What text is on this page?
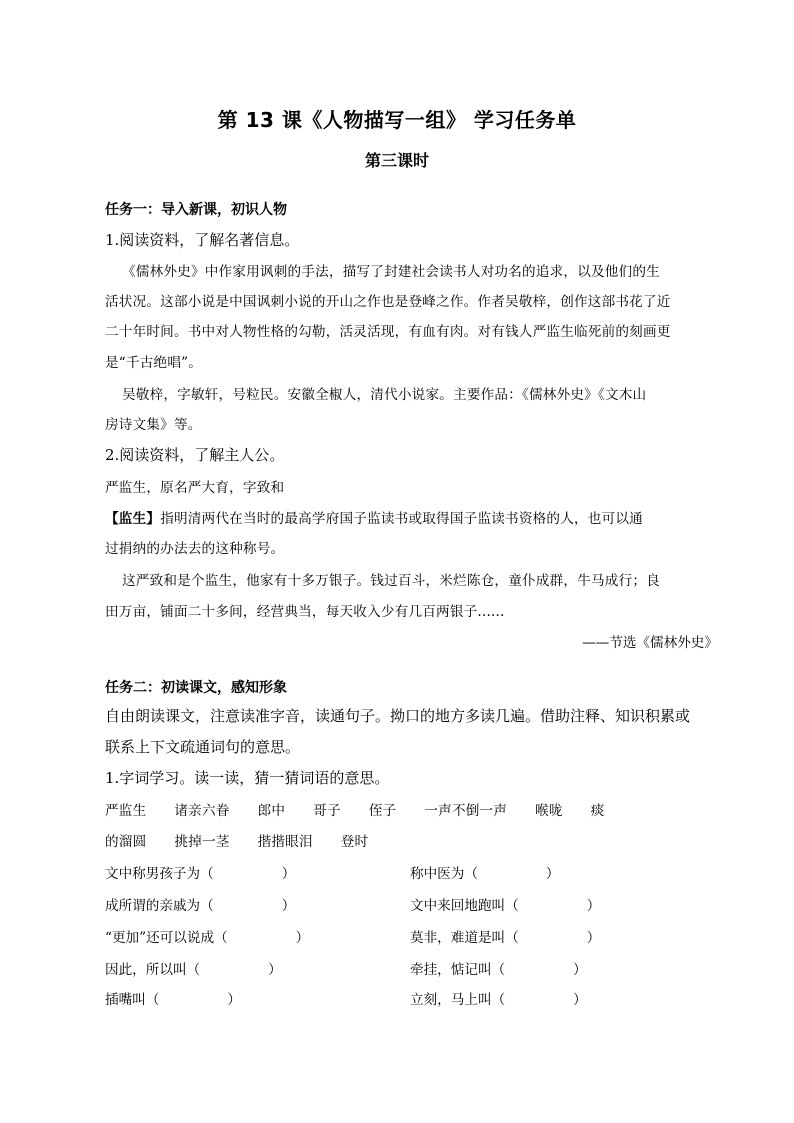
第 13 课《人物描写一组》 学习任务单
第三课时
任务一：导入新课，初识人物
1.阅读资料，了解名著信息。
《儒林外史》中作家用讽刺的手法，描写了封建社会读书人对功名的追求，以及他们的生
活状况。这部小说是中国讽刺小说的开山之作也是登峰之作。作者吴敬梓，创作这部书花了近
二十年时间。书中对人物性格的勾勒，活灵活现，有血有肉。对有钱人严监生临死前的刻画更
是“千古绝唱”。
吴敬梓，字敏轩，号粒民。安徽全椒人，清代小说家。主要作品：《儒林外史》《文木山
房诗文集》等。
2.阅读资料，了解主人公。
严监生，原名严大育，字致和
【监生】指明清两代在当时的最高学府国子监读书或取得国子监读书资格的人，也可以通
过捐纳的办法去的这种称号。
这严致和是个监生，他家有十多万银子。钱过百斗，米烂陈仓，童仆成群，牛马成行；良
田万亩，铺面二十多间，经营典当，每天收入少有几百两银子......
——节选《儒林外史》
任务二：初读课文，感知形象
自由朗读课文，注意读准字音，读通句子。拗口的地方多读几遍。借助注释、知识积累或
联系上下文疏通词句的意思。
1.字词学习。读一读，猜一猜词语的意思。
严监生 诸亲六眷 郎中 哥子 侄子 一声不倒一声 喉咙 痰
的溜圆 挑掉一茎 揩揩眼泪 登时
文中称男孩子为（　　　　　）	称中医为（　　　　　）
成所谓的亲戚为（　　　　　）	文中来回地跑叫（　　　　　）
“更加”还可以说成（　　　　　）	莫非，难道是叫（　　　　　）
因此，所以叫（　　　　　）	牵挂，惦记叫（　　　　　）
插嘴叫（　　　　　）	立刻，马上叫（　　　　　）
